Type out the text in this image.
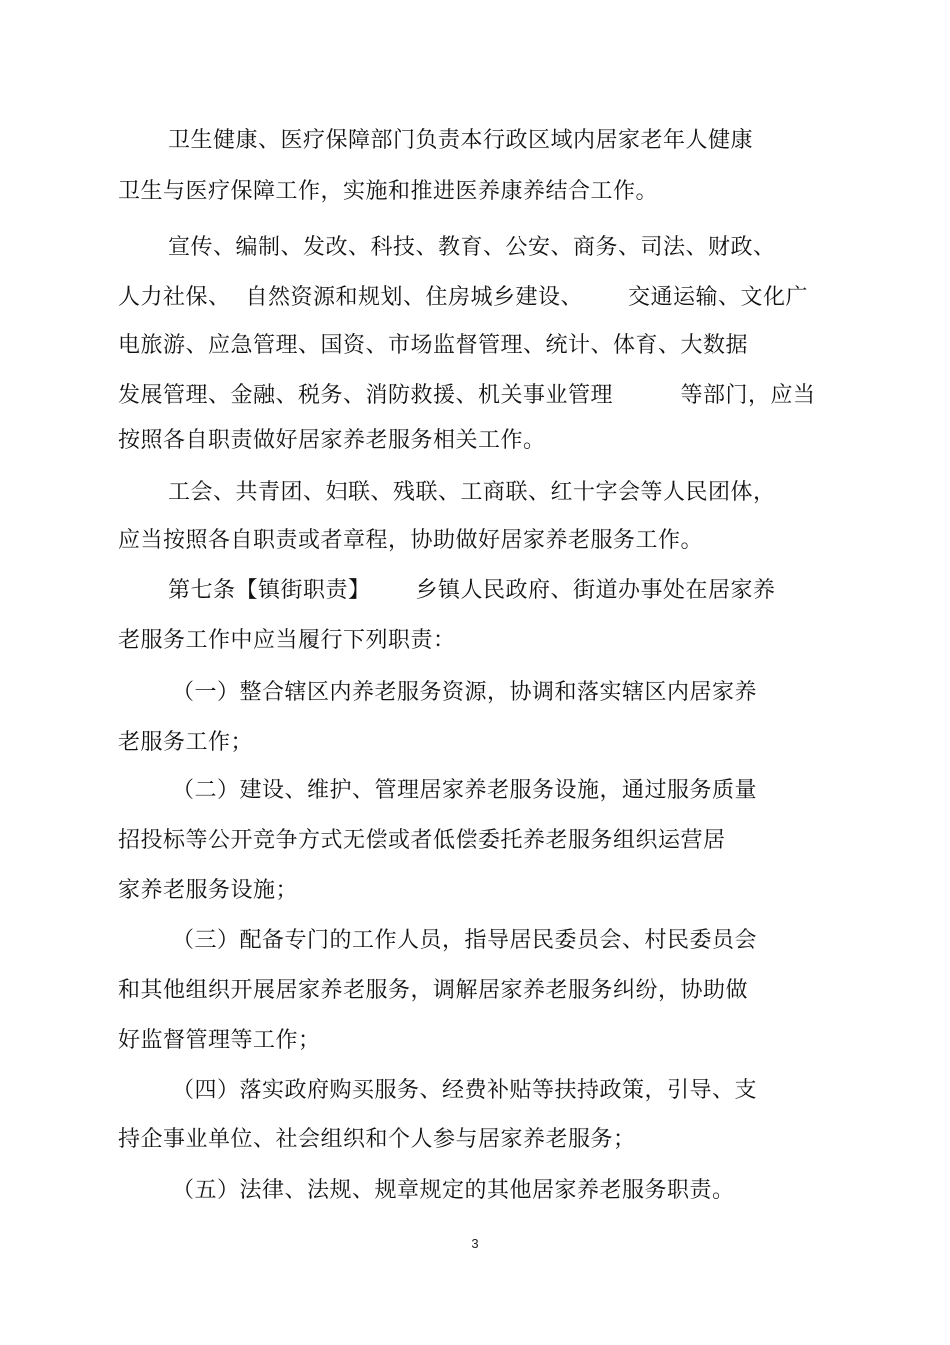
卫生健康、医疗保障部门负责本行政区域内居家老年人健康
卫生与医疗保障工作，实施和推进医养康养结合工作。
宣传、编制、发改、科技、教育、公安、商务、司法、财政、
人力社保、  自然资源和规划、住房城乡建设、      交通运输、文化广
电旅游、应急管理、国资、市场监督管理、统计、体育、大数据
发展管理、金融、税务、消防救援、机关事业管理         等部门，应当
按照各自职责做好居家养老服务相关工作。
工会、共青团、妇联、残联、工商联、红十字会等人民团体，
应当按照各自职责或者章程，协助做好居家养老服务工作。
第七条【镇街职责】      乡镇人民政府、街道办事处在居家养
老服务工作中应当履行下列职责：
（一）整合辖区内养老服务资源，协调和落实辖区内居家养
老服务工作；
（二）建设、维护、管理居家养老服务设施，通过服务质量
招投标等公开竞争方式无偿或者低偿委托养老服务组织运营居
家养老服务设施；
（三）配备专门的工作人员，指导居民委员会、村民委员会
和其他组织开展居家养老服务，调解居家养老服务纠纷，协助做
好监督管理等工作；
（四）落实政府购买服务、经费补贴等扶持政策，引导、支
持企事业单位、社会组织和个人参与居家养老服务；
（五）法律、法规、规章规定的其他居家养老服务职责。
3
